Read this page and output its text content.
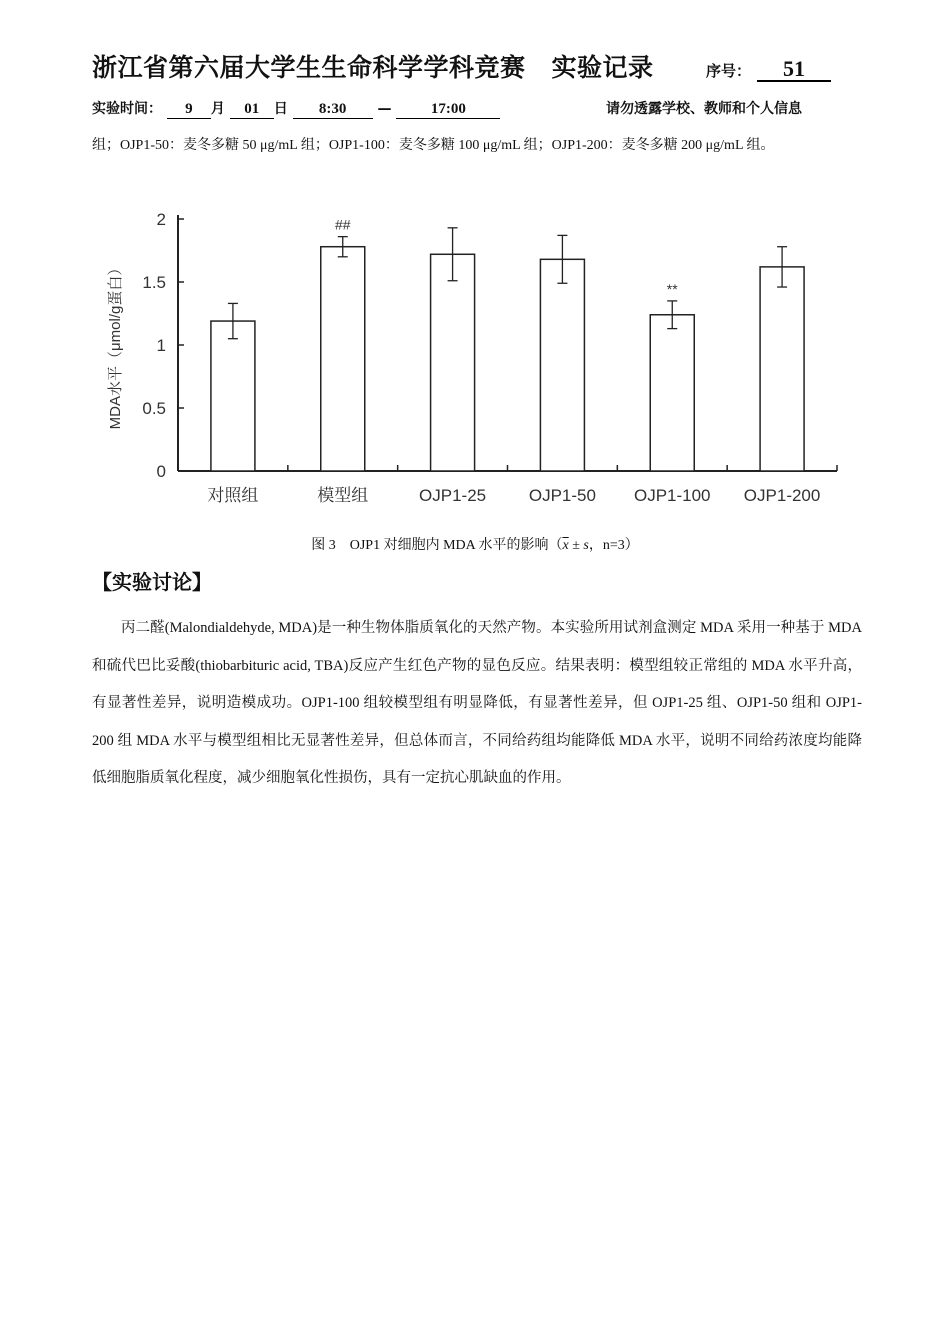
浙江省第六届大学生生命科学学科竞赛 实验记录	序号： 51
实验时间： 9 月 01 日 8:30 —	17:00	请勿透露学校、教师和个人信息
组；OJP1-50：麦冬多糖 50 μg/mL 组；OJP1-100：麦冬多糖 100 μg/mL 组；OJP1-200：麦冬多糖 200 μg/mL 组。
0
0.5
1
1.5
2
MDA水平（μmol/g蛋白）
对照组
##
模型组	OJP1-25	OJP1-50
**
OJP1-100 OJP1-200
图 3 OJP1 对细胞内 MDA 水平的影响（$\overline{x} \pm s$，n=3）
【实验讨论】
丙二醛(Malondialdehyde, MDA)是一种生物体脂质氧化的天然产物。本实验所用试剂盒测定 MDA 采用一种基于 MDA 和硫代巴比妥酸(thiobarbituric acid, TBA)反应产生红色产物的显色反应。结果表明：模型组较正常组的 MDA 水平升高，有显著性差异，说明造模成功。OJP1-100 组较模型组有明显降低，有显著性差异，但 OJP1-25 组、OJP1-50 组和 OJP1-200 组 MDA 水平与模型组相比无显著性差异，但总体而言，不同给药组均能降低 MDA 水平，说明不同给药浓度均能降低细胞脂质氧化程度，减少细胞氧化性损伤，具有一定抗心肌缺血的作用。
